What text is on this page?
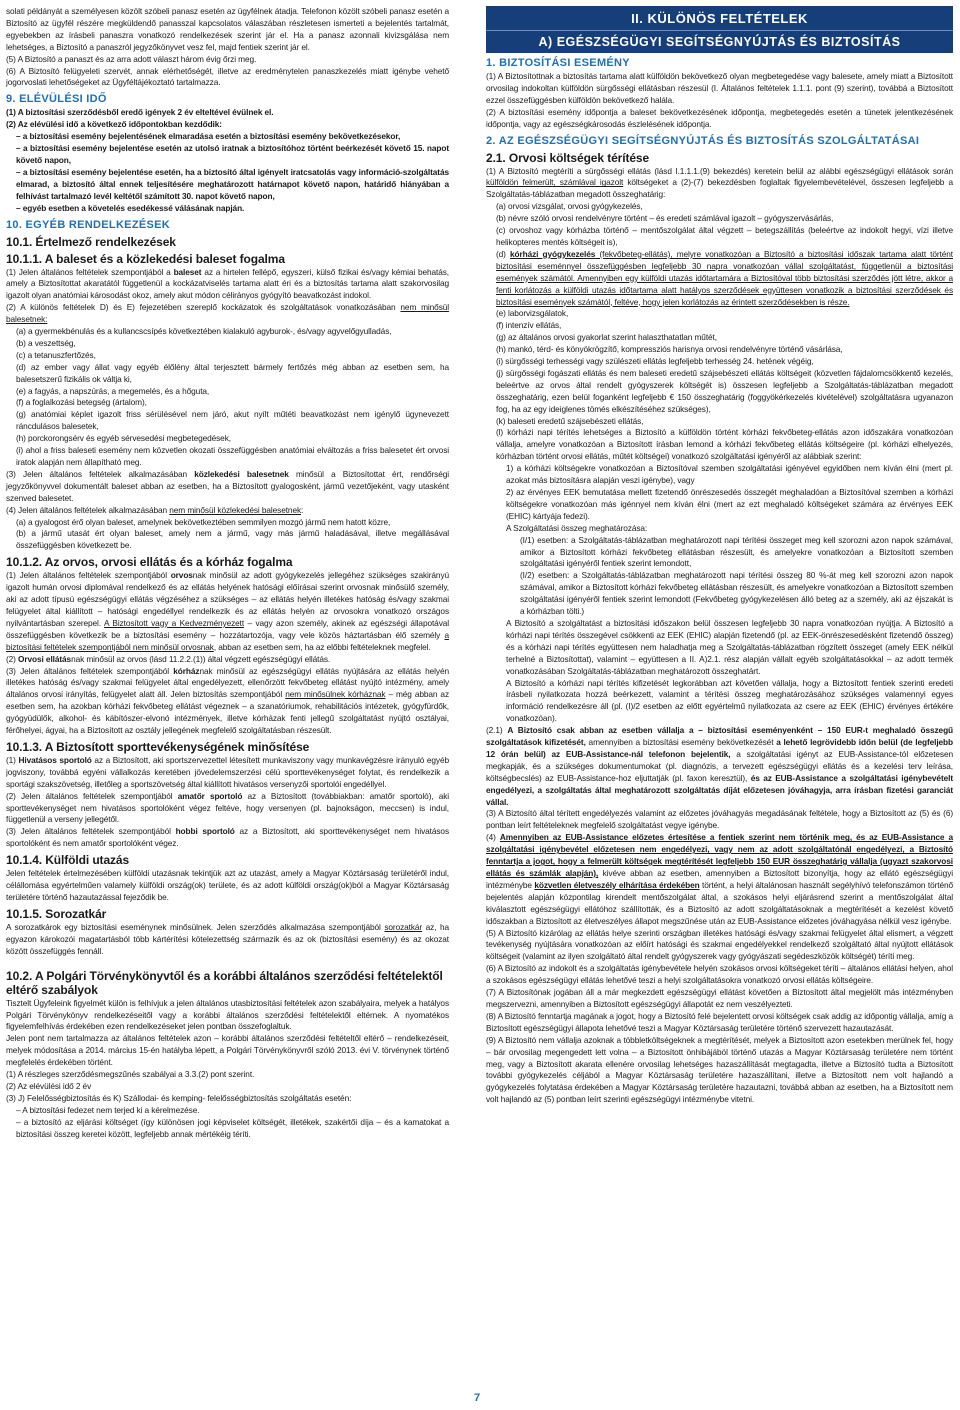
solati példányát a személyesen közölt szóbeli panasz esetén az ügyfélnek átadja. Telefonon közölt szóbeli panasz esetén a Biztosító az ügyfél részére megküldendő panasszal kapcsolatos válaszában részletesen ismerteti a bejelentés tartalmát, egyebekben az írásbeli panaszra vonatkozó rendelkezések szerint jár el. Ha a panasz azonnali kivizsgálása nem lehetséges, a Biztosító a panaszról jegyzőkönyvet vesz fel, majd fentiek szerint jár el.

(5) A Biztosító a panaszt és az arra adott választ három évig őrzi meg.

(6) A Biztosító felügyeleti szervét, annak elérhetőségét, illetve az eredménytelen panaszkezelés miatt igénybe vehető jogorvoslati lehetőségeket az Ügyféltájékoztató tartalmazza.

9. ELÉVÜLÉSI IDŐ

(1) A biztosítási szerződésből eredő igények 2 év elteltével évülnek el.

(2) Az elévülési idő a következő időpontokban kezdődik:

– a biztosítási esemény bejelentésének elmaradása esetén a biztosítási esemény bekövetkezésekor,

– a biztosítási esemény bejelentése esetén az utolsó iratnak a biztosítóhoz történt beérkezését követő 15. napot követő napon,

– a biztosítási esemény bejelentése esetén, ha a biztosító által igényelt iratcsatolás vagy információ-szolgáltatás elmarad, a biztosító által ennek teljesítésére meghatározott határnapot követő napon, határidő hiányában a felhívást tartalmazó levél keltétől számított 30. napot követő napon,

– egyéb esetben a követelés esedékessé válásának napján.

10. EGYÉB RENDELKEZÉSEK
10.1. Értelmező rendelkezések
10.1.1. A baleset és a közlekedési baleset fogalma

(1) Jelen általános feltételek szempontjából a baleset az a hirtelen fellépő, egyszeri, külső fizikai és/vagy kémiai behatás, amely a Biztosítottat akaratától függetlenül a kockázatviselés tartama alatt éri és a biztosítás tartama alatt szakorvosilag igazolt olyan anatómiai károsodást okoz, amely akut módon célirányos gyógyító beavatkozást indokol.

(2) A különös feltételek D) és E) fejezetében szereplő kockázatok és szolgáltatások vonatkozásában nem minősül balesetnek:

(a) a gyermekbénulás és a kullancscsípés következtében kialakuló agyburok-, és/vagy agyvelőgyulladás,

(b) a veszettség,

(c) a tetanuszfertőzés,

(d) az ember vagy állat vagy egyéb élőlény által terjesztett bármely fertőzés még abban az esetben sem, ha balesetszerű fizikális ok váltja ki,

(e) a fagyás, a napszúrás, a megemelés, és a hőguta,

(f) a foglalkozási betegség (ártalom),

(g) anatómiai képlet igazolt friss sérülésével nem járó, akut nyílt műtéti beavatkozást nem igénylő ügynevezett ráncdulásos balesetek,

(h) porckorongsérv és egyéb sérvesedési megbetegedések,

(i) ahol a friss baleseti esemény nem közvetlen okozati összefüggésben anatómiai elváltozás a friss balesetet ért orvosi iratok alapján nem állapítható meg.

(3) Jelen általános feltételek alkalmazásában közlekedési balesetnek minősül a Biztosítottat ért, rendőrségi jegyzőkönyvvel dokumentált baleset abban az esetben, ha a Biztosított gyalogosként, jármű vezetőjeként, vagy utasként szenved balesetet.

(4) Jelen általános feltételek alkalmazásában nem minősül közlekedési balesetnek:

(a) a gyalogost érő olyan baleset, amelynek bekövetkeztében semmilyen mozgó jármű nem hatott közre,

(b) a jármű utasát ért olyan baleset, amely nem a jármű, vagy más jármű haladásával, illetve megállásával összefüggésben következett be.

10.1.2. Az orvos, orvosi ellátás és a kórház fogalma

(1) Jelen általános feltételek szempontjából orvosnak minősül az adott gyógykezelés jellegéhez szükséges szakirányú igazolt humán orvosi diplomával rendelkező és az ellátás helyének hatósági előírásai szerint orvosnak minősülő személy, aki az adott típusú egészségügyi ellátás végzéséhez a szükséges – az ellátás helyén illetékes hatóság és/vagy szakmai felügyelet által kiállított – hatósági engedéllyel rendelkezik és az ellátás helyén az orvosokra vonatkozó országos nyilvántartásban szerepel. A Biztosított vagy a Kedvezményezett – vagy azon személy, akinek az egészségi állapotával összefüggésben következik be a biztosítási esemény – hozzátartozója, vagy vele közös háztartásban élő személy a biztosítási feltételek szempontjából nem minősül orvosnak, abban az esetben sem, ha az előbbi feltételeknek megfelel.

(2) Orvosi ellátásnak minősül az orvos (lásd 11.2.2.(1)) által végzett egészségügyi ellátás.

(3) Jelen általános feltételek szempontjából kórháznak minősül az egészségügyi ellátás nyújtására az ellátás helyén illetékes hatóság és/vagy szakmai felügyelet által engedélyezett, ellenőrzött fekvőbeteg ellátást nyújtó intézmény, amely általános orvosi irányítás, felügyelet alatt áll. Jelen biztosítás szempontjából nem minősülnek kórháznak – még abban az esetben sem, ha azokban kórházi fekvőbeteg ellátást végeznek – a szanatóriumok, rehabilitációs intézetek, gyógyfürdők, gyógyüdülők, alkohol- és kábítószer-elvonó intézmények, illetve kórházak fenti jellegű szolgáltatást nyújtó osztályai, férőhelyei, ágyai, ha a Biztosított az osztály jellegének megfelelő szolgáltatásban részesült.

10.1.3. A Biztosított sporttevékenységének minősítése

(1) Hivatásos sportoló az a Biztosított, aki sportszervezettel létesített munkaviszony vagy munkavégzésre irányuló egyéb jogviszony, továbbá egyéni vállalkozás keretében jövedelemszerzési célú sporttevékenységet folytat, és rendelkezik a sportági szakszövetség, illetőleg a sportszövetség által kiállított hivatásos versenyzői sportolói engedéllyel.

(2) Jelen általános feltételek szempontjából amatőr sportoló az a Biztosított (továbbiakban: amatőr sportoló), aki sporttevékenységet nem hivatásos sportolóként végez feltéve, hogy versenyen (pl. bajnokságon, meccsen) is indul, függetlenül a verseny jellegétől.

(3) Jelen általános feltételek szempontjából hobbi sportoló az a Biztosított, aki sporttevékenységet nem hivatásos sportolóként és nem amatőr sportolóként végez.

10.1.4. Külföldi utazás

Jelen feltételek értelmezésében külföldi utazásnak tekintjük azt az utazást, amely a Magyar Köztársaság területéről indul, célállomása egyértelműen valamely külföldi ország(ok) területe, és az adott külföldi ország(ok)ból a Magyar Köztársaság területére történő hazautazással fejeződik be.

10.1.5. Sorozatkár

A sorozatkárok egy biztosítási eseménynek minősülnek. Jelen szerződés alkalmazása szempontjából sorozatkár az, ha egyazon károkozói magatartásból több kártérítési kötelezettség származik és az ok (biztosítási esemény) és az okozat között összefüggés fennáll.

10.2. A Polgári Törvénykönyvtől és a korábbi általános szerződési feltételektől eltérő szabályok

Tisztelt Ügyfeleink figyelmét külön is felhívjuk a jelen általános utasbiztosítási feltételek azon szabályaira, melyek a hatályos Polgári Törvénykönyv rendelkezéseitől vagy a korábbi általános szerződési feltételektől eltérnek. A nyomatékos figyelemfelhívás érdekében ezen rendelkezéseket jelen pontban összefoglaltuk.

Jelen pont nem tartalmazza az általános feltételek azon – korábbi általános szerződési feltételtől eltérő – rendelkezéseit, melyek módosítása a 2014. március 15-én hatályba lépett, a Polgári Törvénykönyvről szóló 2013. évi V. törvénynek történő megfelelés érdekében történt.

(1) A részleges szerződésmegszűnés szabályai a 3.3.(2) pont szerint.

(2) Az elévülési idő 2 év

(3) J) Felelősségbiztosítás és K) Szállodai- és kemping- felelősségbiztosítás szolgáltatás esetén:

– A biztosítási fedezet nem terjed ki a kérelmezése.

– a biztosító az eljárási költséget (így különösen jogi képviselet költségét, illetékek, szakértői díja – és a kamatokat a biztosítási összeg keretei között, legfeljebb annak mértékéig téríti.

II. KÜLÖNÖS FELTÉTELEK
A) EGÉSZSÉGÜGYI SEGÍTSÉGNYÚJTÁS ÉS BIZTOSÍTÁS
1. BIZTOSÍTÁSI ESEMÉNY

(1) A Biztosítottnak a biztosítás tartama alatt külföldön bekövetkező olyan megbetegedése vagy balesete, amely miatt a Biztosított orvosilag indokoltan külföldön sürgősségi ellátásban részesül (I. Általános feltételek 1.1.1. pont (9) szerint), továbbá a Biztosított ezzel összefüggésben külföldön bekövetkező halála.

(2) A biztosítási esemény időpontja a baleset bekövetkezésének időpontja, megbetegedés esetén a tünetek jelentkezésének időpontja, vagy az egészségkárosodás észlelésének időpontja.

2. AZ EGÉSZSÉGÜGYI SEGÍTSÉGNYÚJTÁS ÉS BIZTOSÍTÁS SZOLGÁLTATÁSAI
2.1. Orvosi költségek térítése

(1) A Biztosító megtéríti a sürgősségi ellátás (lásd I.1.1.1.(9) bekezdés) keretein belül az alábbi egészségügyi ellátások során külföldön felmerült, számlával igazolt költségeket a (2)-(7) bekezdésben foglaltak figyelembevételével, összesen legfeljebb a Szolgáltatás-táblázatban megadott összeghatárig:

(a) orvosi vizsgálat, orvosi gyógykezelés,

(b) névre szóló orvosi rendelvényre történt – és eredeti számlával igazolt – gyógyszervásárlás,

(c) orvoshoz vagy kórházba történő – mentőszolgálat által végzett – betegszállítás (beleértve az indokolt hegyi, vízi illetve helikopteres mentés költségeit is),

(d) kórházi gyógykezelés (fekvőbeteg-ellátás), melyre vonatkozóan a Biztosító a biztosítási időszak tartama alatt történt biztosítási eseménnyel összefüggésben legfeljebb 30 napra vonatkozóan vállal szolgáltatást, függetlenül a biztosítási események számától. Amennyiben egy külföldi utazás időtartamára a Biztosítóval több biztosítási szerződés jött létre, akkor a fenti korlátozás a külföldi utazás időtartama alatt hatályos szerződések együttesen vonatkozik a biztosítási szerződések és biztosítási események számától, feltéve, hogy jelen korlátozás az érintett szerződésekben is része.

(e) laborvizsgálatok,

(f) intenzív ellátás,

(g) az általános orvosi gyakorlat szerint halaszthatatlan műtét,

(h) mankó, térd- és könyökrögzítő, kompressziós harisnya orvosi rendelvényre történő vásárlása,

(i) sürgősségi terhességi vagy szülészeti ellátás legfeljebb terhesség 24. hetének végéig,

(j) sürgősségi fogászati ellátás és nem baleseti eredetű szájsebészeti ellátás költségeit (közvetlen fájdalomcsökkentő kezelés, beleértve az orvos által rendelt gyógyszerek költségét is) összesen legfeljebb a Szolgáltatás-táblázatban megadott összeghatárig, ezen belül foganként legfeljebb € 150 összeghatárig (foggyökérkezelés kivételével) szolgáltatásra ugyanazon fog, ha az egy ideiglenes tömés elkészítéséhez szükséges),

(k) baleseti eredetű szájsebészeti ellátás,

(l) kórházi napi térítés lehetséges a Biztosító a külföldön történt kórházi fekvőbeteg-ellátás azon időszakára vonatkozóan vállalja, amelyre vonatkozóan a Biztosított írásban lemond a kórházi fekvőbeteg ellátás költségeire (pl. kórházi elhelyezés, kórházban történt orvosi ellátás, műtét költségei) vonatkozó szolgáltatási igényéről az alábbiak szerint:

1) a kórházi költségekre vonatkozóan a Biztosítóval szemben szolgáltatási igényével egyidőben nem kíván élni (mert pl. azokat más biztosításra alapján veszi igénybe), vagy

2) az érvényes EEK bemutatása mellett fizetendő önrészesedés összegét meghaladóan a Biztosítóval szemben a kórházi költségekre vonatkozóan más igénnyel nem kíván élni (mert az ezt meghaladó költségeket számára az érvényes EEK (EHIC) kártyája fedezi).

A Szolgáltatási összeg meghatározása:

(I/1) esetben: a Szolgáltatás-táblázatban meghatározott napi térítési összeget meg kell szorozni azon napok számával, amikor a Biztosított kórházi fekvőbeteg ellátásban részesült, és amelyekre vonatkozóan a Biztosított szemben szolgáltatási igényéről fentiek szerint lemondott,

(I/2) esetben: a Szolgáltatás-táblázatban meghatározott napi térítési összeg 80 %-át meg kell szorozni azon napok számával, amikor a Biztosított kórházi fekvőbeteg ellátásban részesült, és amelyekre vonatkozóan a Biztosított szemben szolgáltatási igényéről fentiek szerint lemondott (Fekvőbeteg gyógykezelésen álló beteg az a személy, aki az éjszakát is a kórházban tölti.)

A Biztosító a szolgáltatást a biztosítási időszakon belül összesen legfeljebb 30 napra vonatkozóan nyújtja. A Biztosító a kórházi napi térítés összegével csökkenti az EEK (EHIC) alapján fizetendő (pl. az EEK-önrészesedésként fizetendő összeg) és a kórházi napi térítés együttesen nem haladhatja meg a Szolgáltatás-táblázatban rögzített összeget (amely EEK nélkül terhelné a Biztosítottat), valamint – együttesen a II. A)2.1. rész alapján vállalt egyéb szolgáltatásokkal – az adott termék vonatkozásában Szolgáltatás-táblázatban meghatározott összeghatárt.

A Biztosító a kórházi napi térítés kifizetését legkorábban azt követően vállalja, hogy a Biztosított fentiek szerinti eredeti írásbeli nyilatkozata hozzá beérkezett, valamint a térítési összeg meghatározásához szükséges valamennyi egyes információ rendelkezésre áll (pl. (I)/2 esetben az előtt egyértelmű nyilatkozata az csere az EEK (EHIC) érvényes értékére vonatkozóan).

(2.1) A Biztosító csak abban az esetben vállalja a – biztosítási eseményenként – 150 EUR-t meghaladó összegű szolgáltatások kifizetését, amennyiben a biztosítási esemény bekövetkezését a lehető legrövidebb időn belül (de legfeljebb 12 órán belül) az EUB-Assistance-nál telefonon bejelentik, a szolgáltatási igényt az EUB-Assistance-tól előzetesen megkapják, és a szükséges dokumentumokat (pl. diagnózis, a tervezett egészségügyi ellátás és a kezelési terv leírása, költségbecslés) az EUB-Assistance-hoz eljuttatják (pl. faxon keresztül), és az EUB-Assistance a szolgáltatási igénybevételt engedélyezi, a szolgáltatás által meghatározott szolgáltatás díját előzetesen jóváhagyja, arra írásban fizetési garanciát vállal.

(3) A Biztosító által térített engedélyezés valamint az előzetes jóváhagyás megadásának feltétele, hogy a Biztosított az (5) és (6) pontban leírt feltételeknek megfelelő szolgáltatást vegye igénybe.

(4) Amennyiben az EUB-Assistance előzetes értesítése a fentiek szerint nem történik meg, és az EUB-Assistance a szolgáltatási igénybevétel előzetesen nem engedélyezi, vagy nem az adott szolgáltatónál engedélyezi, a Biztosító fenntartja a jogot, hogy a felmerült költségek megtérítését legfeljebb 150 EUR összeghatárig vállalja (ugyazt szakorvosi ellátás és számlák alapján), kivéve abban az esetben, amennyiben a Biztosított bizonyítja, hogy az ellátó egészségügyi intézménybe közvetlen életveszély elhárítása érdekében történt, a helyi általánosan használt segélyhívó telefonszámon történő bejelentés alapján központilag kirendelt mentőszolgálat által, a szokásos helyi eljárásrend szerint a mentőszolgálat által kiválasztott egészségügyi ellátóhoz szállították, és a Biztosító az adott szolgáltatásoknak a megtérítését a kezelést követő időszakban a Biztosított az életveszélyes állapot megszűnése után az EUB-Assistance előzetes jóváhagyása nélkül vesz igénybe.

(5) A Biztosító kizárólag az ellátás helye szerinti országban illetékes hatósági és/vagy szakmai felügyelet által elismert, a végzett tevékenység nyújtására vonatkozóan az előírt hatósági és szakmai engedélyekkel rendelkező szolgáltató által nyújtott ellátások költségeit (valamint az ilyen szolgáltató által rendelt gyógyszerek vagy gyógyászati segédeszközök költségét) téríti meg.

(6) A Biztosító az indokolt és a szolgáltatás igénybevétele helyén szokásos orvosi költségeket téríti – általános ellátási helyen, ahol a szokásos egészségügyi ellátás lehetővé teszi a helyi szolgáltatásokra vonatkozó orvosi ellátás költségeire.

(7) A Biztosítónak jogában áll a már megkezdett egészségügyi ellátást követően a Biztosított által megjelölt más intézményben megszervezni, amennyiben a Biztosított egészségügyi állapotát ez nem veszélyezteti.

(8) A Biztosító fenntartja magának a jogot, hogy a Biztosító felé bejelentett orvosi költségek csak addig az időpontig vállalja, amíg a Biztosított egészségügyi állapota lehetővé teszi a Magyar Köztársaság területére történő szervezett hazautazását.

(9) A Biztosító nem vállalja azoknak a többletköltségeknek a megtérítését, melyek a Biztosított azon esetekben merülnek fel, hogy – bár orvosilag megengedett lett volna – a Biztosított önhibájából történő utazás a Magyar Köztársaság területére nem történt meg, vagy a Biztosított akarata ellenére orvosilag lehetséges hazaszállítását megtagadta, illetve a Biztosító tudta a Biztosított további gyógykezelés céljából a Magyar Köztársaság területére hazaszállítani, illetve a Biztosított nem volt hajlandó a gyógykezelés folytatása érdekében a Magyar Köztársaság területére hazautazni, továbbá abban az esetben, ha a Biztosított nem volt hajlandó az (5) pontban leírt szerinti egészségügyi intézménybe vitetni.

7
